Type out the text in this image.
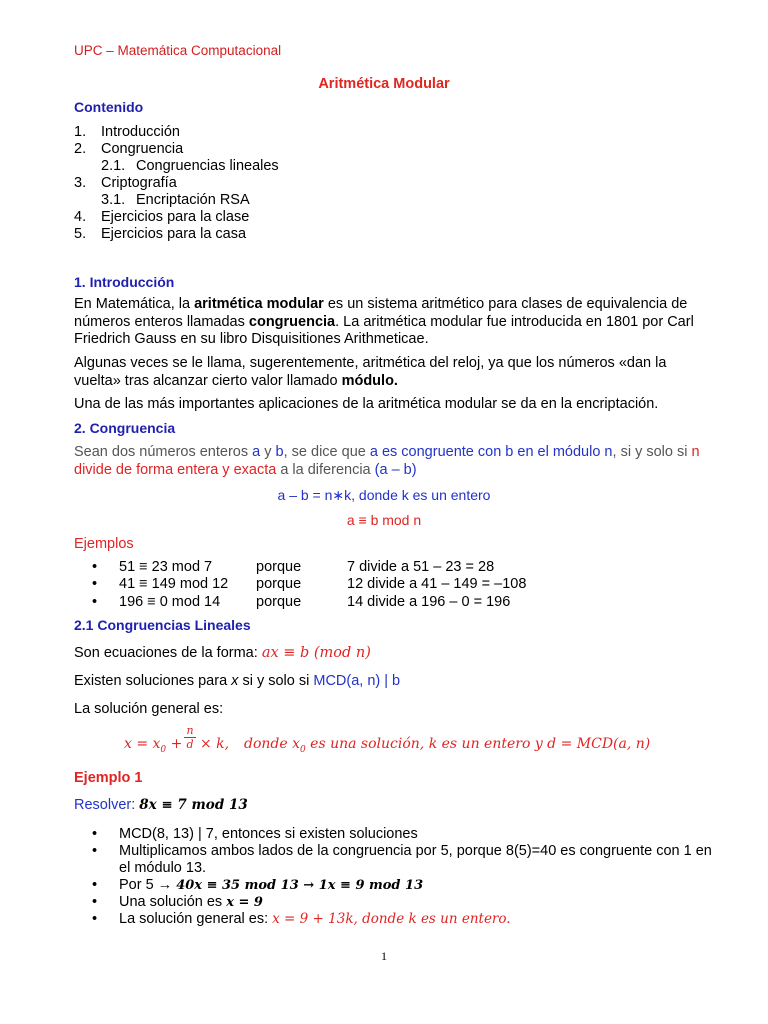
UPC – Matemática Computacional
Aritmética Modular
Contenido
1. Introducción
2. Congruencia
2.1. Congruencias lineales
3. Criptografía
3.1. Encriptación RSA
4. Ejercicios para la clase
5. Ejercicios para la casa
1. Introducción
En Matemática, la aritmética modular es un sistema aritmético para clases de equivalencia de números enteros llamadas congruencia. La aritmética modular fue introducida en 1801 por Carl Friedrich Gauss en su libro Disquisitiones Arithmeticae.
Algunas veces se le llama, sugerentemente, aritmética del reloj, ya que los números «dan la vuelta» tras alcanzar cierto valor llamado módulo.
Una de las más importantes aplicaciones de la aritmética modular se da en la encriptación.
2. Congruencia
Sean dos números enteros a y b, se dice que a es congruente con b en el módulo n, si y solo si n divide de forma entera y exacta a la diferencia (a – b)
a – b = n∗k, donde k es un entero
a ≡ b mod n
Ejemplos
• 51 ≡ 23 mod 7	porque	7 divide a 51 – 23 = 28
• 41 ≡ 149 mod 12 porque	12 divide a 41 – 149 = –108
• 196 ≡ 0 mod 14 porque	14 divide a 196 – 0 = 196
2.1 Congruencias Lineales
Son ecuaciones de la forma: ax ≡ b (mod n)
Existen soluciones para x si y solo si MCD(a, n) | b
La solución general es:
$x = x_0$ +
n
d × k, donde $x_0$ es una solución, k es un entero y d = MCD(a, n)
Ejemplo 1
Resolver: 8x ≡ 7 mod 13
• MCD(8, 13) | 7, entonces si existen soluciones
• Multiplicamos ambos lados de la congruencia por 5, porque 8(5)=40 es congruente con 1 en el módulo 13.
• Por 5 → 40x ≡ 35 mod 13 → 1x ≡ 9 mod 13
• Una solución es x = 9
• La solución general es: x = 9 + 13k, donde k es un entero.
1
